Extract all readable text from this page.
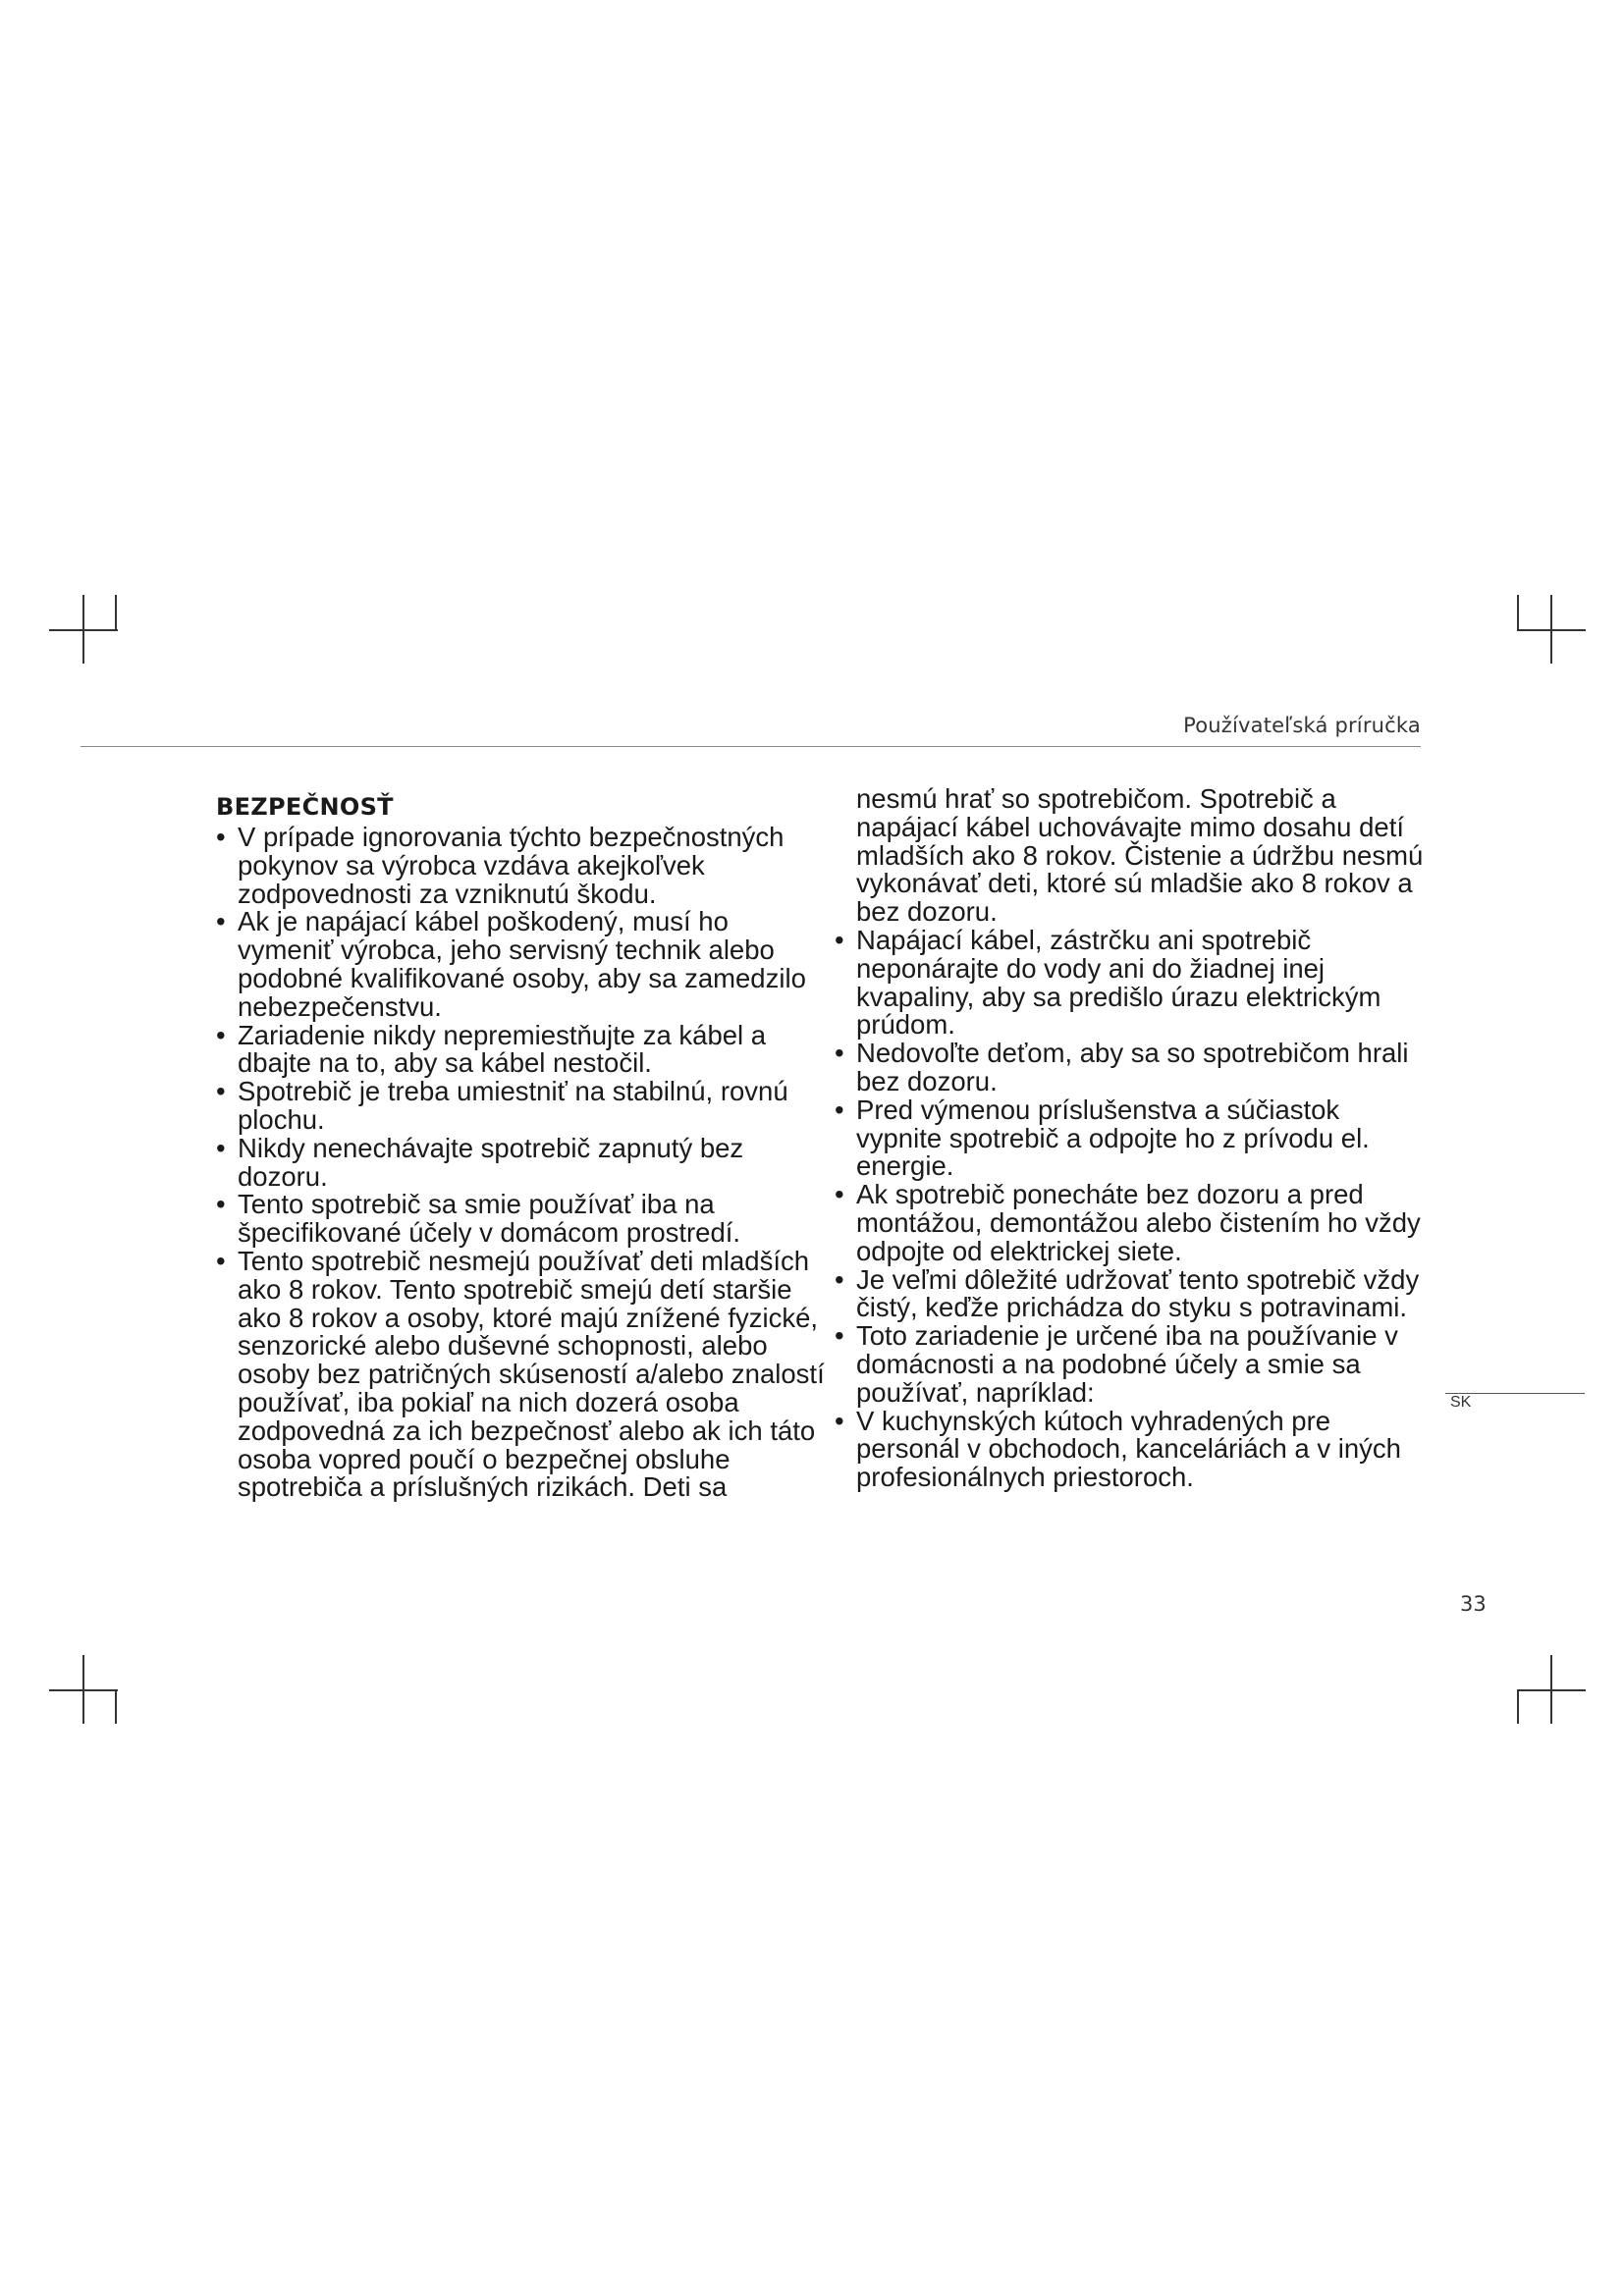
Používateľská príručka
BEZPEČNOSŤ
• V prípade ignorovania týchto bezpečnostných pokynov sa výrobca vzdáva akejkoľvek zodpovednosti za vzniknutú škodu.
• Ak je napájací kábel poškodený, musí ho vymeniť výrobca, jeho servisný technik alebo podobné kvalifikované osoby, aby sa zamedzilo nebezpečenstvu.
• Zariadenie nikdy nepremiestňujte za kábel a dbajte na to, aby sa kábel nestočil.
• Spotrebič je treba umiestniť na stabilnú, rovnú plochu.
• Nikdy nenechávajte spotrebič zapnutý bez dozoru.
• Tento spotrebič sa smie používať iba na špecifikované účely v domácom prostredí.
• Tento spotrebič nesmejú používať deti mladších ako 8 rokov. Tento spotrebič smejú detí staršie ako 8 rokov a osoby, ktoré majú znížené fyzické, senzorické alebo duševné schopnosti, alebo osoby bez patričných skúseností a/alebo znalostí používať, iba pokiaľ na nich dozerá osoba zodpovedná za ich bezpečnosť alebo ak ich táto osoba vopred poučí o bezpečnej obsluhe spotrebiča a príslušných rizikách. Deti sa
nesmú hrať so spotrebičom. Spotrebič a napájací kábel uchovávajte mimo dosahu detí mladších ako 8 rokov. Čistenie a údržbu nesmú vykonávať deti, ktoré sú mladšie ako 8 rokov a bez dozoru.
• Napájací kábel, zástrčku ani spotrebič neponárajte do vody ani do žiadnej inej kvapaliny, aby sa predišlo úrazu elektrickým prúdom.
• Nedovoľte deťom, aby sa so spotrebičom hrali bez dozoru.
• Pred výmenou príslušenstva a súčiastok vypnite spotrebič a odpojte ho z prívodu el. energie.
• Ak spotrebič ponecháte bez dozoru a pred montážou, demontážou alebo čistením ho vždy odpojte od elektrickej siete.
• Je veľmi dôležité udržovať tento spotrebič vždy čistý, keďže prichádza do styku s potravinami.
• Toto zariadenie je určené iba na používanie v domácnosti a na podobné účely a smie sa používať, napríklad:
• V kuchynských kútoch vyhradených pre personál v obchodoch, kanceláriách a v iných profesionálnych priestoroch.
SK
33
